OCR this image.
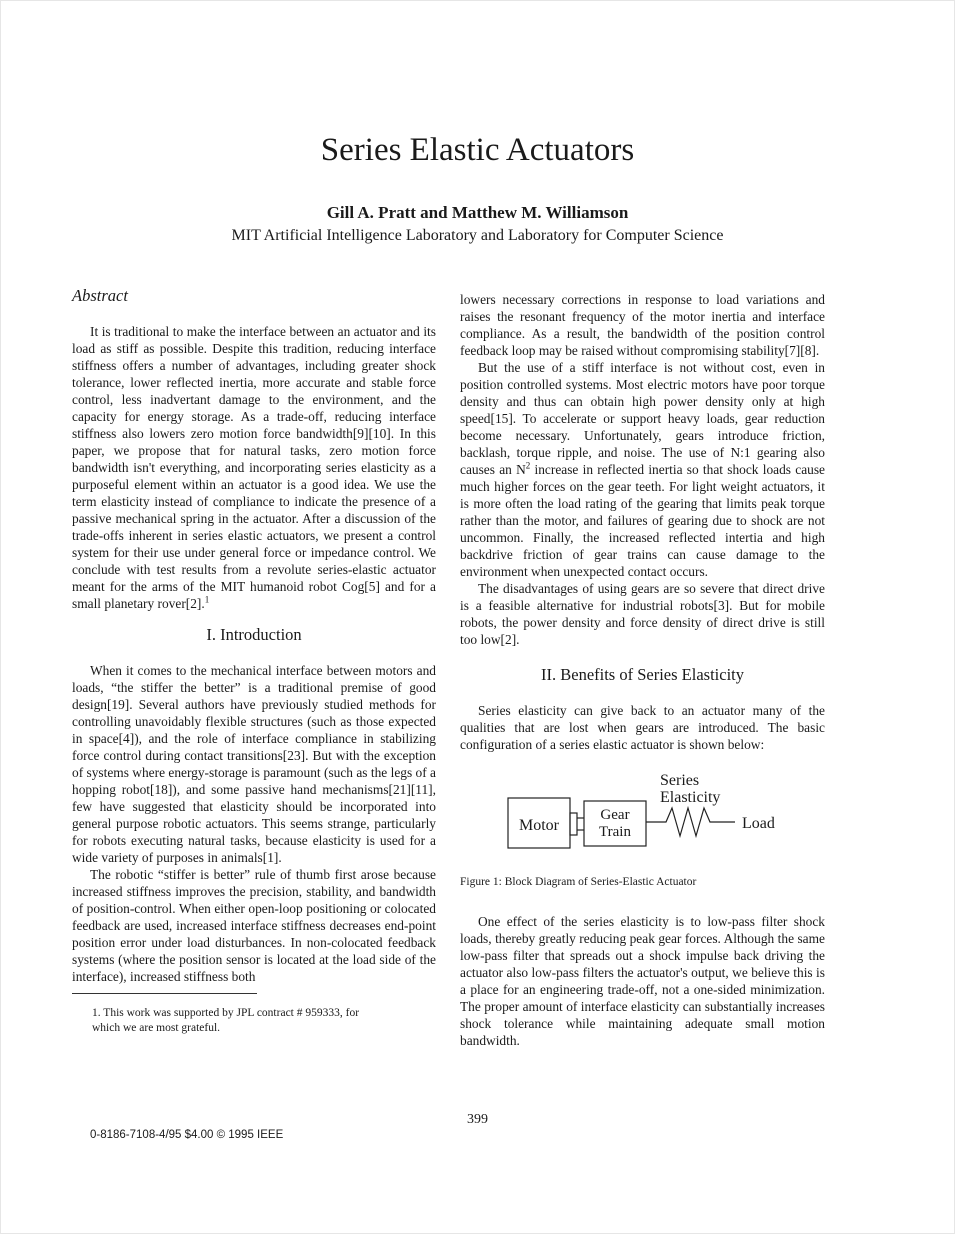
Series Elastic Actuators
Gill A. Pratt and Matthew M. Williamson
MIT Artificial Intelligence Laboratory and Laboratory for Computer Science
Abstract

It is traditional to make the interface between an actuator and its load as stiff as possible. Despite this tradition, reducing interface stiffness offers a number of advantages, including greater shock tolerance, lower reflected inertia, more accurate and stable force control, less inadvertant damage to the environment, and the capacity for energy storage. As a trade-off, reducing interface stiffness also lowers zero motion force bandwidth[9][10]. In this paper, we propose that for natural tasks, zero motion force bandwidth isn't everything, and incorporating series elasticity as a purposeful element within an actuator is a good idea. We use the term elasticity instead of compliance to indicate the presence of a passive mechanical spring in the actuator. After a discussion of the trade-offs inherent in series elastic actuators, we present a control system for their use under general force or impedance control. We conclude with test results from a revolute series-elastic actuator meant for the arms of the MIT humanoid robot Cog[5] and for a small planetary rover[2].$^1$

I. Introduction

When it comes to the mechanical interface between motors and loads, “the stiffer the better” is a traditional premise of good design[19]. Several authors have previously studied methods for controlling unavoidably flexible structures (such as those expected in space[4]), and the role of interface compliance in stabilizing force control during contact transitions[23]. But with the exception of systems where energy-storage is paramount (such as the legs of a hopping robot[18]), and some passive hand mechanisms[21][11], few have suggested that elasticity should be incorporated into general purpose robotic actuators. This seems strange, particularly for robots executing natural tasks, because elasticity is used for a wide variety of purposes in animals[1].

The robotic “stiffer is better” rule of thumb first arose because increased stiffness improves the precision, stability, and bandwidth of position-control. When either open-loop positioning or colocated feedback are used, increased interface stiffness decreases end-point position error under load disturbances. In non-colocated feedback systems (where the position sensor is located at the load side of the interface), increased stiffness both

1. This work was supported by JPL contract # 959333, for
which we are most grateful.

lowers necessary corrections in response to load variations and raises the resonant frequency of the motor inertia and interface compliance. As a result, the bandwidth of the position control feedback loop may be raised without compromising stability[7][8].

But the use of a stiff interface is not without cost, even in position controlled systems. Most electric motors have poor torque density and thus can obtain high power density only at high speed[15]. To accelerate or support heavy loads, gear reduction become necessary. Unfortunately, gears introduce friction, backlash, torque ripple, and noise. The use of N:1 gearing also causes an $N^2$ increase in reflected inertia so that shock loads cause much higher forces on the gear teeth. For light weight actuators, it is more often the load rating of the gearing that limits peak torque rather than the motor, and failures of gearing due to shock are not uncommon. Finally, the increased reflected intertia and high backdrive friction of gear trains can cause damage to the environment when unexpected contact occurs.

The disadvantages of using gears are so severe that direct drive is a feasible alternative for industrial robots[3]. But for mobile robots, the power density and force density of direct drive is still too low[2].

II. Benefits of Series Elasticity

Series elasticity can give back to an actuator many of the qualities that are lost when gears are introduced. The basic configuration of a series elastic actuator is shown below:

Motor
Gear
Train
Series
Elasticity
Load
Figure 1: Block Diagram of Series-Elastic Actuator

One effect of the series elasticity is to low-pass filter shock loads, thereby greatly reducing peak gear forces. Although the same low-pass filter that spreads out a shock impulse back driving the actuator also low-pass filters the actuator's output, we believe this is a place for an engineering trade-off, not a one-sided minimization. The proper amount of interface elasticity can substantially increases shock tolerance while maintaining adequate small motion bandwidth.

399
0-8186-7108-4/95 $4.00 © 1995 IEEE
